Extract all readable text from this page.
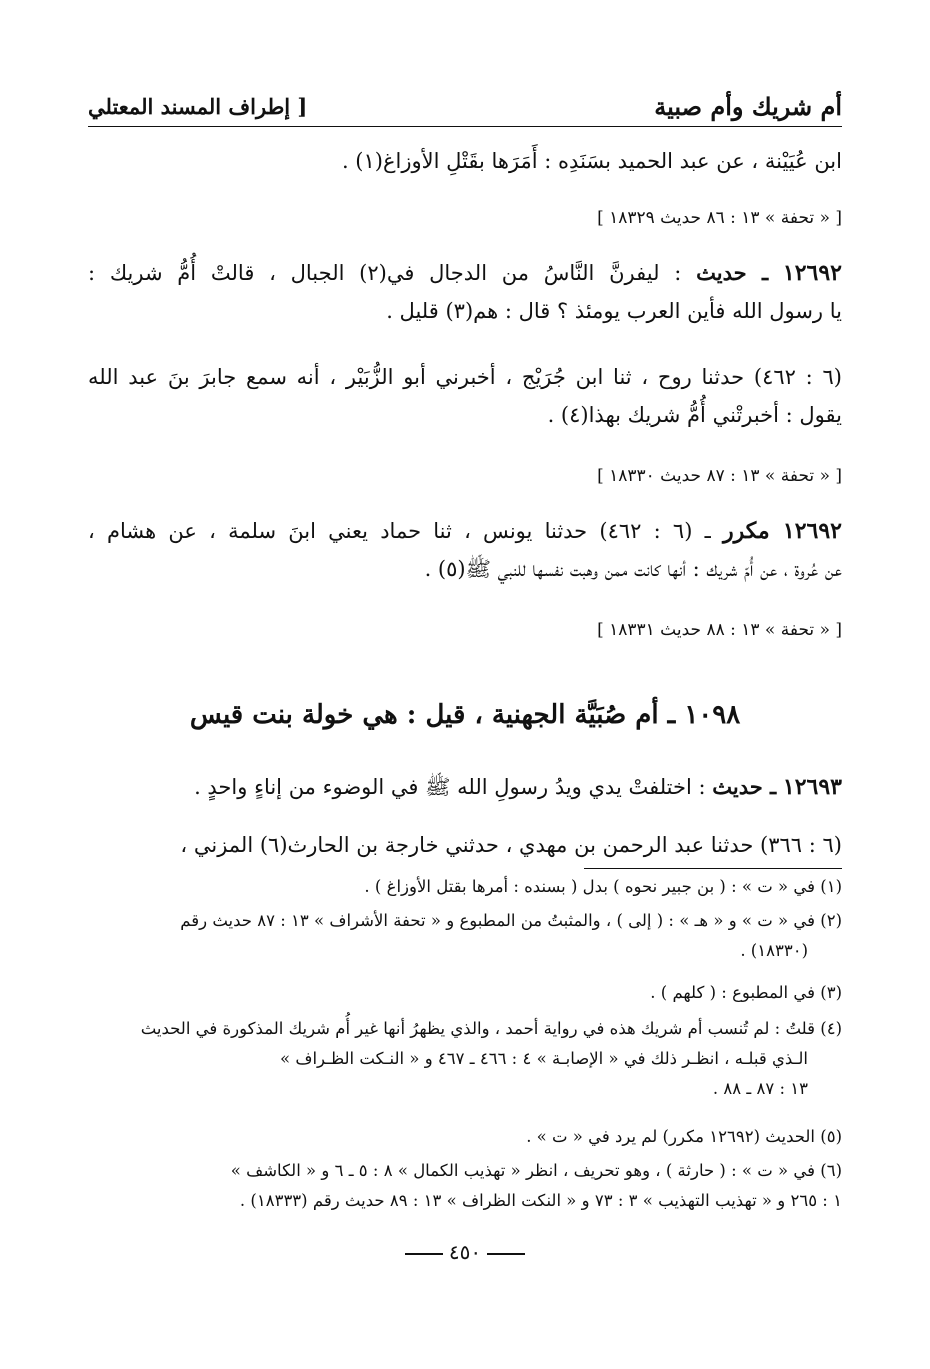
أم شريك وأم صبية
[ إطراف المسند المعتلي
ابن عُيَيْنة ، عن عبد الحميد بسَنَدِه : أَمَرَها بقَتْلِ الأوزاغ(١) .
[ « تحفة » ١٣ : ٨٦ حديث ١٨٣٢٩ ]
١٢٦٩٢ ـ حديث : ليفرنَّ النَّاسُ من الدجال في(٢) الجبال ، قالتْ أُمُّ شريك :
يا رسول الله فأين العرب يومئذ ؟ قال : هم(٣) قليل .
(٦ : ٤٦٢) حدثنا روح ، ثنا ابن جُرَيْج ، أخبرني أبو الزُّبَيْر ، أنه سمع جابرَ بنَ عبد الله
يقول : أخبرتْني أُمُّ شريك بهذا(٤) .
[ « تحفة » ١٣ : ٨٧ حديث ١٨٣٣٠ ]
١٢٦٩٢ مكرر ـ (٦ : ٤٦٢) حدثنا يونس ، ثنا حماد يعني ابنَ سلمة ، عن هشام ،
عن عُروة ، عن أُمّ شريك : أنها كانت ممن وهبت نفسها للنبي ﷺ(٥) .
[ « تحفة » ١٣ : ٨٨ حديث ١٨٣٣١ ]
١٠٩٨ ـ أم صُبَيَّة الجهنية ، قيل : هي خولة بنت قيس
١٢٦٩٣ ـ حديث : اختلفتْ يدي ويدُ رسولِ الله ﷺ في الوضوء من إناءٍ واحدٍ .
(٦ : ٣٦٦) حدثنا عبد الرحمن بن مهدي ، حدثني خارجة بن الحارث(٦) المزني ،
(١) في « ت » : ( بن جبير نحوه ) بدل ( بسنده : أمرها بقتل الأوزاغ ) .
(٢) في « ت » و « هـ » : ( إلى ) ، والمثبتُ من المطبوع و « تحفة الأشراف » ١٣ : ٨٧ حديث رقم
(١٨٣٣٠) .
(٣) في المطبوع : ( كلهم ) .
(٤) قلتُ : لم تُنسب أم شريك هذه في رواية أحمد ، والذي يظهرُ أنها غير أُم شريك المذكورة في الحديث
الـذي قبلـه ، انظـر ذلك في « الإصابـة » ٤ : ٤٦٦ ـ ٤٦٧ و « النـكت الظـراف »
١٣ : ٨٧ ـ ٨٨ .
(٥) الحديث (١٢٦٩٢ مكرر) لم يرد في « ت » .
(٦) في « ت » : ( حارثة ) ، وهو تحريف ، انظر « تهذيب الكمال » ٨ : ٥ ـ ٦ و « الكاشف »
١ : ٢٦٥ و « تهذيب التهذيب » ٣ : ٧٣ و « النكت الظراف » ١٣ : ٨٩ حديث رقم (١٨٣٣٣) .
٤٥٠
